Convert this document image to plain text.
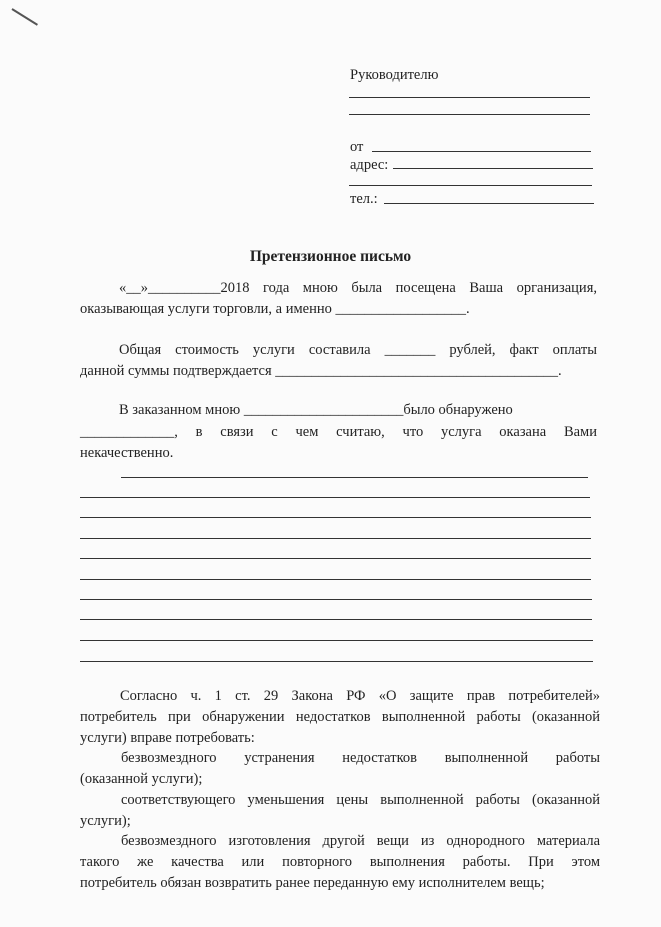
Руководителю
от
адрес:
тел.:
Претензионное письмо
«__»__________2018 года мною была посещена Ваша организация,
оказывающая услуги торговли, а именно __________________.
Общая стоимость услуги составила _______ рублей, факт оплаты
данной суммы подтверждается _______________________________________.
В заказанном мною ______________________было обнаружено
_____________, в связи с чем считаю, что услуга оказана Вами
некачественно.
Согласно ч. 1 ст. 29 Закона РФ «О защите прав потребителей»
потребитель при обнаружении недостатков выполненной работы (оказанной
услуги) вправе потребовать:
безвозмездного устранения недостатков выполненной работы
(оказанной услуги);
соответствующего уменьшения цены выполненной работы (оказанной
услуги);
безвозмездного изготовления другой вещи из однородного материала
такого же качества или повторного выполнения работы. При этом
потребитель обязан возвратить ранее переданную ему исполнителем вещь;
